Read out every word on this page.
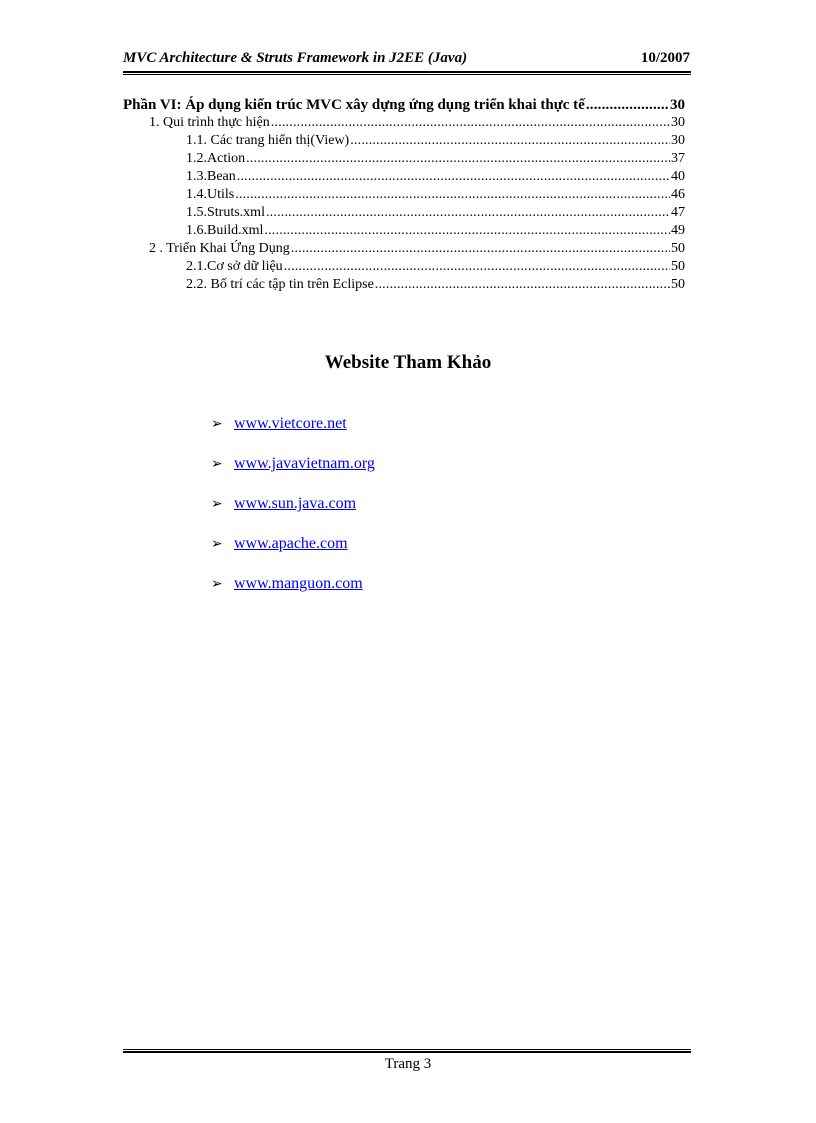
MVC Architecture & Struts Framework in J2EE (Java)	10/2007
Phần VI: Áp dụng kiến trúc MVC xây dựng ứng dụng triển khai thực tế .....	30
1. Qui trình thực hiện .....	30
1.1. Các trang hiển thị(View) .....	30
1.2.Action .....	37
1.3.Bean .....	40
1.4.Utils .....	46
1.5.Struts.xml .....	47
1.6.Build.xml .....	49
2 . Triển Khai Ứng Dụng .....	50
2.1.Cơ sở dữ liệu .....	50
2.2. Bố trí các tập tin trên Eclipse .....	50
Website Tham Khảo
➢ www.vietcore.net
➢ www.javavietnam.org
➢ www.sun.java.com
➢ www.apache.com
➢ www.manguon.com
Trang 3
